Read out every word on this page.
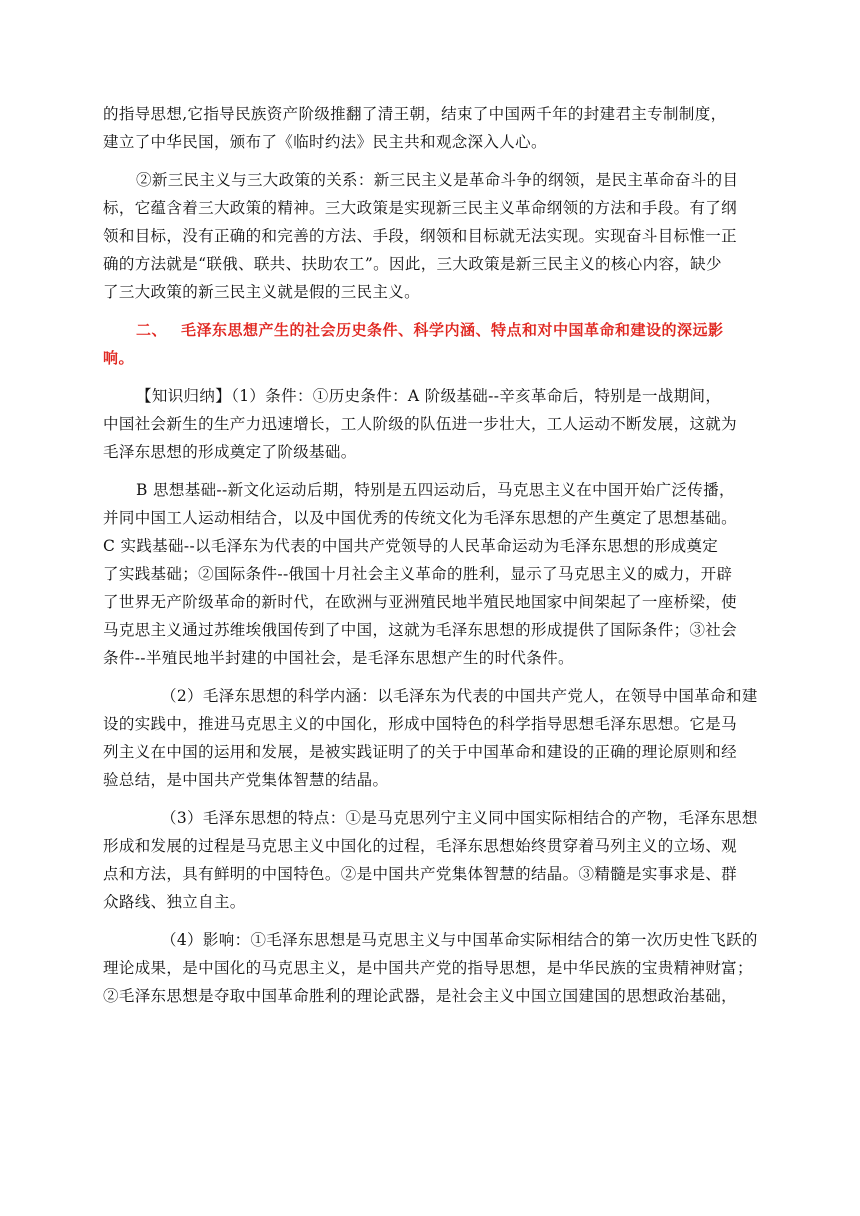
的指导思想,它指导民族资产阶级推翻了清王朝，结束了中国两千年的封建君主专制制度，
建立了中华民国，颁布了《临时约法》民主共和观念深入人心。
②新三民主义与三大政策的关系：新三民主义是革命斗争的纲领，是民主革命奋斗的目
标，它蕴含着三大政策的精神。三大政策是实现新三民主义革命纲领的方法和手段。有了纲
领和目标，没有正确的和完善的方法、手段，纲领和目标就无法实现。实现奋斗目标惟一正
确的方法就是“联俄、联共、扶助农工”。因此，三大政策是新三民主义的核心内容，缺少
了三大政策的新三民主义就是假的三民主义。
二、 毛泽东思想产生的社会历史条件、科学内涵、特点和对中国革命和建设的深远影
响。
【知识归纳】（1）条件：①历史条件：A 阶级基础--辛亥革命后，特别是一战期间，
中国社会新生的生产力迅速增长，工人阶级的队伍进一步壮大，工人运动不断发展，这就为
毛泽东思想的形成奠定了阶级基础。
B 思想基础--新文化运动后期，特别是五四运动后，马克思主义在中国开始广泛传播，
并同中国工人运动相结合，以及中国优秀的传统文化为毛泽东思想的产生奠定了思想基础。
C 实践基础--以毛泽东为代表的中国共产党领导的人民革命运动为毛泽东思想的形成奠定
了实践基础；②国际条件--俄国十月社会主义革命的胜利，显示了马克思主义的威力，开辟
了世界无产阶级革命的新时代，在欧洲与亚洲殖民地半殖民地国家中间架起了一座桥梁，使
马克思主义通过苏维埃俄国传到了中国，这就为毛泽东思想的形成提供了国际条件；③社会
条件--半殖民地半封建的中国社会，是毛泽东思想产生的时代条件。
（2）毛泽东思想的科学内涵：以毛泽东为代表的中国共产党人，在领导中国革命和建
设的实践中，推进马克思主义的中国化，形成中国特色的科学指导思想毛泽东思想。它是马
列主义在中国的运用和发展，是被实践证明了的关于中国革命和建设的正确的理论原则和经
验总结，是中国共产党集体智慧的结晶。
（3）毛泽东思想的特点：①是马克思列宁主义同中国实际相结合的产物，毛泽东思想
形成和发展的过程是马克思主义中国化的过程，毛泽东思想始终贯穿着马列主义的立场、观
点和方法，具有鲜明的中国特色。②是中国共产党集体智慧的结晶。③精髓是实事求是、群
众路线、独立自主。
（4）影响：①毛泽东思想是马克思主义与中国革命实际相结合的第一次历史性飞跃的
理论成果，是中国化的马克思主义，是中国共产党的指导思想，是中华民族的宝贵精神财富；
②毛泽东思想是夺取中国革命胜利的理论武器，是社会主义中国立国建国的思想政治基础，
